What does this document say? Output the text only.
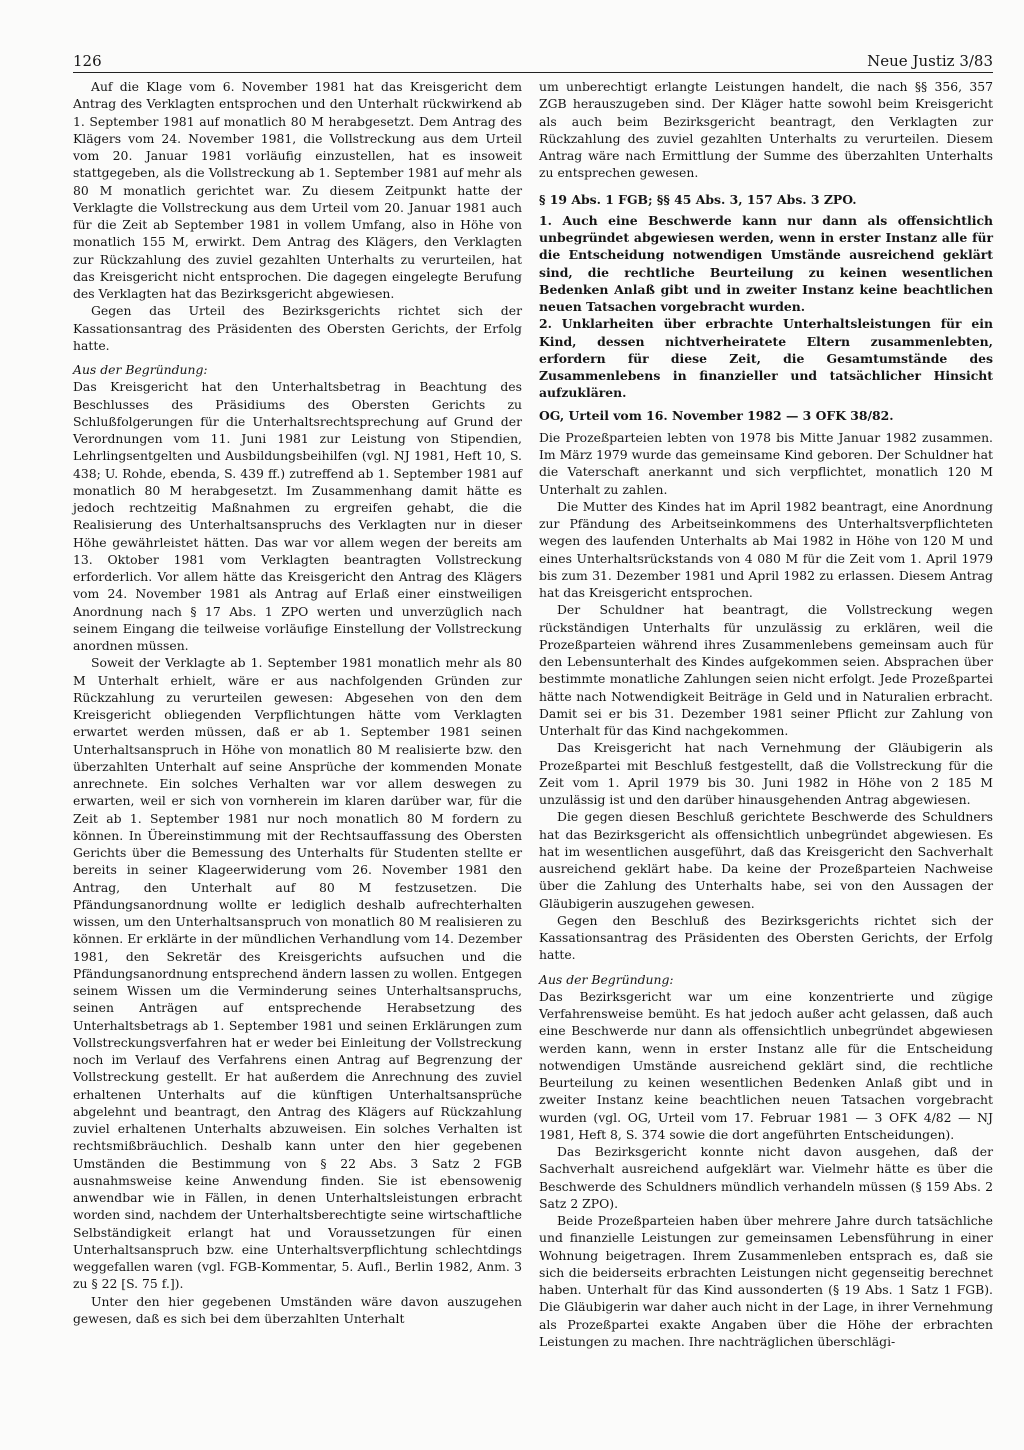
126	Neue Justiz 3/83

Auf die Klage vom 6. November 1981 hat das Kreisgericht dem Antrag des Verklagten entsprochen und den Unterhalt rückwirkend ab 1. September 1981 auf monatlich 80 M herabgesetzt. Dem Antrag des Klägers vom 24. November 1981, die Vollstreckung aus dem Urteil vom 20. Januar 1981 vorläufig einzustellen, hat es insoweit stattgegeben, als die Vollstreckung ab 1. September 1981 auf mehr als 80 M monatlich gerichtet war. Zu diesem Zeitpunkt hatte der Verklagte die Vollstreckung aus dem Urteil vom 20. Januar 1981 auch für die Zeit ab September 1981 in vollem Umfang, also in Höhe von monatlich 155 M, erwirkt. Dem Antrag des Klägers, den Verklagten zur Rückzahlung des zuviel gezahlten Unterhalts zu verurteilen, hat das Kreisgericht nicht entsprochen. Die dagegen eingelegte Berufung des Verklagten hat das Bezirksgericht abgewiesen.

Gegen das Urteil des Bezirksgerichts richtet sich der Kassationsantrag des Präsidenten des Obersten Gerichts, der Erfolg hatte.

Aus der Begründung:

Das Kreisgericht hat den Unterhaltsbetrag in Beachtung des Beschlusses des Präsidiums des Obersten Gerichts zu Schlußfolgerungen für die Unterhaltsrechtsprechung auf Grund der Verordnungen vom 11. Juni 1981 zur Leistung von Stipendien, Lehrlingsentgelten und Ausbildungsbeihilfen (vgl. NJ 1981, Heft 10, S. 438; U. Rohde, ebenda, S. 439 ff.) zutreffend ab 1. September 1981 auf monatlich 80 M herabgesetzt. Im Zusammenhang damit hätte es jedoch rechtzeitig Maßnahmen zu ergreifen gehabt, die die Realisierung des Unterhaltsanspruchs des Verklagten nur in dieser Höhe gewährleistet hätten. Das war vor allem wegen der bereits am 13. Oktober 1981 vom Verklagten beantragten Vollstreckung erforderlich. Vor allem hätte das Kreisgericht den Antrag des Klägers vom 24. November 1981 als Antrag auf Erlaß einer einstweiligen Anordnung nach § 17 Abs. 1 ZPO werten und unverzüglich nach seinem Eingang die teilweise vorläufige Einstellung der Vollstreckung anordnen müssen.

Soweit der Verklagte ab 1. September 1981 monatlich mehr als 80 M Unterhalt erhielt, wäre er aus nachfolgenden Gründen zur Rückzahlung zu verurteilen gewesen: Abgesehen von den dem Kreisgericht obliegenden Verpflichtungen hätte vom Verklagten erwartet werden müssen, daß er ab 1. September 1981 seinen Unterhaltsanspruch in Höhe von monatlich 80 M realisierte bzw. den überzahlten Unterhalt auf seine Ansprüche der kommenden Monate anrechnete. Ein solches Verhalten war vor allem deswegen zu erwarten, weil er sich von vornherein im klaren darüber war, für die Zeit ab 1. September 1981 nur noch monatlich 80 M fordern zu können. In Übereinstimmung mit der Rechtsauffassung des Obersten Gerichts über die Bemessung des Unterhalts für Studenten stellte er bereits in seiner Klageerwiderung vom 26. November 1981 den Antrag, den Unterhalt auf 80 M festzusetzen. Die Pfändungsanordnung wollte er lediglich deshalb aufrechterhalten wissen, um den Unterhaltsanspruch von monatlich 80 M realisieren zu können. Er erklärte in der mündlichen Verhandlung vom 14. Dezember 1981, den Sekretär des Kreisgerichts aufsuchen und die Pfändungsanordnung entsprechend ändern lassen zu wollen. Entgegen seinem Wissen um die Verminderung seines Unterhaltsanspruchs, seinen Anträgen auf entsprechende Herabsetzung des Unterhaltsbetrags ab 1. September 1981 und seinen Erklärungen zum Vollstreckungsverfahren hat er weder bei Einleitung der Vollstreckung noch im Verlauf des Verfahrens einen Antrag auf Begrenzung der Vollstreckung gestellt. Er hat außerdem die Anrechnung des zuviel erhaltenen Unterhalts auf die künftigen Unterhaltsansprüche abgelehnt und beantragt, den Antrag des Klägers auf Rückzahlung zuviel erhaltenen Unterhalts abzuweisen. Ein solches Verhalten ist rechtsmißbräuchlich. Deshalb kann unter den hier gegebenen Umständen die Bestimmung von § 22 Abs. 3 Satz 2 FGB ausnahmsweise keine Anwendung finden. Sie ist ebensowenig anwendbar wie in Fällen, in denen Unterhaltsleistungen erbracht worden sind, nachdem der Unterhaltsberechtigte seine wirtschaftliche Selbständigkeit erlangt hat und Voraussetzungen für einen Unterhaltsanspruch bzw. eine Unterhaltsverpflichtung schlechtdings weggefallen waren (vgl. FGB-Kommentar, 5. Aufl., Berlin 1982, Anm. 3 zu § 22 [S. 75 f.]).

Unter den hier gegebenen Umständen wäre davon auszugehen gewesen, daß es sich bei dem überzahlten Unterhalt

um unberechtigt erlangte Leistungen handelt, die nach §§ 356, 357 ZGB herauszugeben sind. Der Kläger hatte sowohl beim Kreisgericht als auch beim Bezirksgericht beantragt, den Verklagten zur Rückzahlung des zuviel gezahlten Unterhalts zu verurteilen. Diesem Antrag wäre nach Ermittlung der Summe des überzahlten Unterhalts zu entsprechen gewesen.

§ 19 Abs. 1 FGB; §§ 45 Abs. 3, 157 Abs. 3 ZPO.

1. Auch eine Beschwerde kann nur dann als offensichtlich unbegründet abgewiesen werden, wenn in erster Instanz alle für die Entscheidung notwendigen Umstände ausreichend geklärt sind, die rechtliche Beurteilung zu keinen wesentlichen Bedenken Anlaß gibt und in zweiter Instanz keine beachtlichen neuen Tatsachen vorgebracht wurden.

2. Unklarheiten über erbrachte Unterhaltsleistungen für ein Kind, dessen nichtverheiratete Eltern zusammenlebten, erfordern für diese Zeit, die Gesamtumstände des Zusammenlebens in finanzieller und tatsächlicher Hinsicht aufzuklären.

OG, Urteil vom 16. November 1982 — 3 OFK 38/82.

Die Prozeßparteien lebten von 1978 bis Mitte Januar 1982 zusammen. Im März 1979 wurde das gemeinsame Kind geboren. Der Schuldner hat die Vaterschaft anerkannt und sich verpflichtet, monatlich 120 M Unterhalt zu zahlen.

Die Mutter des Kindes hat im April 1982 beantragt, eine Anordnung zur Pfändung des Arbeitseinkommens des Unterhaltsverpflichteten wegen des laufenden Unterhalts ab Mai 1982 in Höhe von 120 M und eines Unterhaltsrückstands von 4 080 M für die Zeit vom 1. April 1979 bis zum 31. Dezember 1981 und April 1982 zu erlassen. Diesem Antrag hat das Kreisgericht entsprochen.

Der Schuldner hat beantragt, die Vollstreckung wegen rückständigen Unterhalts für unzulässig zu erklären, weil die Prozeßparteien während ihres Zusammenlebens gemeinsam auch für den Lebensunterhalt des Kindes aufgekommen seien. Absprachen über bestimmte monatliche Zahlungen seien nicht erfolgt. Jede Prozeßpartei hätte nach Notwendigkeit Beiträge in Geld und in Naturalien erbracht. Damit sei er bis 31. Dezember 1981 seiner Pflicht zur Zahlung von Unterhalt für das Kind nachgekommen.

Das Kreisgericht hat nach Vernehmung der Gläubigerin als Prozeßpartei mit Beschluß festgestellt, daß die Vollstreckung für die Zeit vom 1. April 1979 bis 30. Juni 1982 in Höhe von 2 185 M unzulässig ist und den darüber hinausgehenden Antrag abgewiesen.

Die gegen diesen Beschluß gerichtete Beschwerde des Schuldners hat das Bezirksgericht als offensichtlich unbegründet abgewiesen. Es hat im wesentlichen ausgeführt, daß das Kreisgericht den Sachverhalt ausreichend geklärt habe. Da keine der Prozeßparteien Nachweise über die Zahlung des Unterhalts habe, sei von den Aussagen der Gläubigerin auszugehen gewesen.

Gegen den Beschluß des Bezirksgerichts richtet sich der Kassationsantrag des Präsidenten des Obersten Gerichts, der Erfolg hatte.

Aus der Begründung:

Das Bezirksgericht war um eine konzentrierte und zügige Verfahrensweise bemüht. Es hat jedoch außer acht gelassen, daß auch eine Beschwerde nur dann als offensichtlich unbegründet abgewiesen werden kann, wenn in erster Instanz alle für die Entscheidung notwendigen Umstände ausreichend geklärt sind, die rechtliche Beurteilung zu keinen wesentlichen Bedenken Anlaß gibt und in zweiter Instanz keine beachtlichen neuen Tatsachen vorgebracht wurden (vgl. OG, Urteil vom 17. Februar 1981 — 3 OFK 4/82 — NJ 1981, Heft 8, S. 374 sowie die dort angeführten Entscheidungen).

Das Bezirksgericht konnte nicht davon ausgehen, daß der Sachverhalt ausreichend aufgeklärt war. Vielmehr hätte es über die Beschwerde des Schuldners mündlich verhandeln müssen (§ 159 Abs. 2 Satz 2 ZPO).

Beide Prozeßparteien haben über mehrere Jahre durch tatsächliche und finanzielle Leistungen zur gemeinsamen Lebensführung in einer Wohnung beigetragen. Ihrem Zusammenleben entsprach es, daß sie sich die beiderseits erbrachten Leistungen nicht gegenseitig berechnet haben. Unterhalt für das Kind aussonderten (§ 19 Abs. 1 Satz 1 FGB). Die Gläubigerin war daher auch nicht in der Lage, in ihrer Vernehmung als Prozeßpartei exakte Angaben über die Höhe der erbrachten Leistungen zu machen. Ihre nachträglichen überschlägi-
